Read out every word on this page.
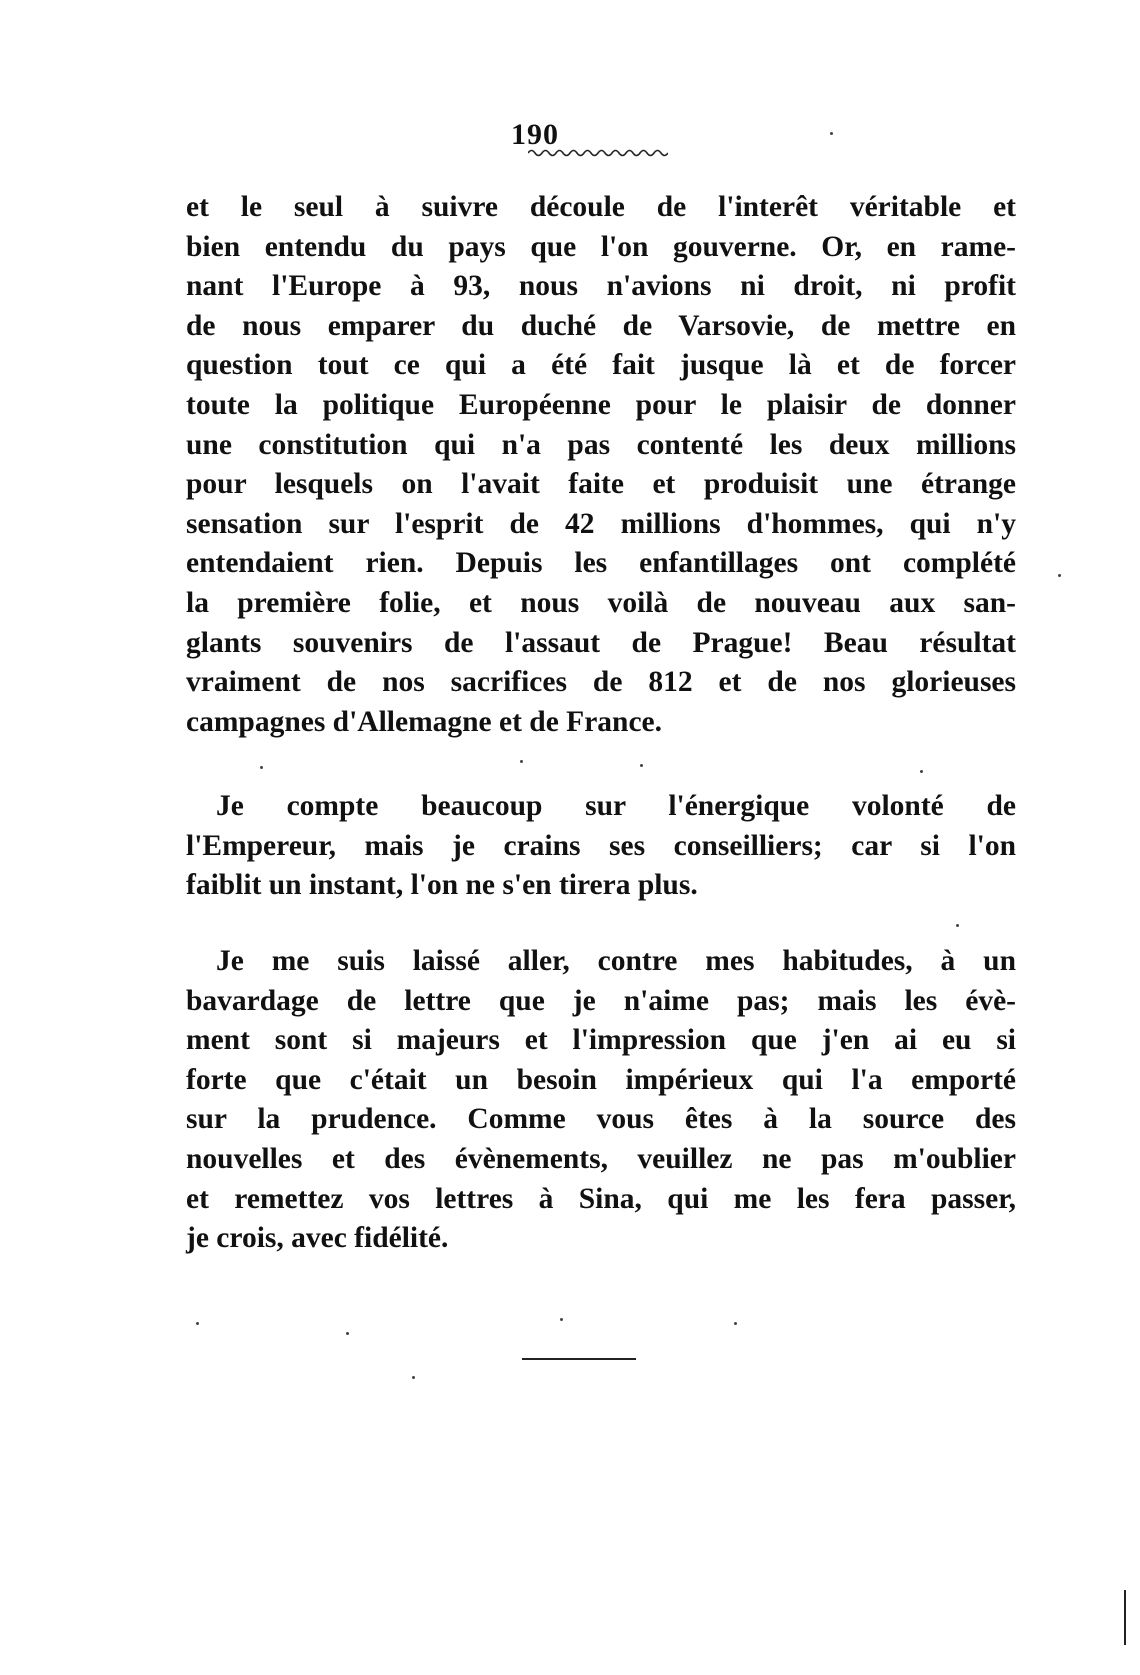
190
et le seul à suivre découle de l'interêt véritable et
bien entendu du pays que l'on gouverne. Or, en rame-
nant l'Europe à 93, nous n'avions ni droit, ni profit
de nous emparer du duché de Varsovie, de mettre en
question tout ce qui a été fait jusque là et de forcer
toute la politique Européenne pour le plaisir de donner
une constitution qui n'a pas contenté les deux millions
pour lesquels on l'avait faite et produisit une étrange
sensation sur l'esprit de 42 millions d'hommes, qui n'y
entendaient rien. Depuis les enfantillages ont complété
la première folie, et nous voilà de nouveau aux san-
glants souvenirs de l'assaut de Prague! Beau résultat
vraiment de nos sacrifices de 812 et de nos glorieuses
campagnes d'Allemagne et de France.
Je compte beaucoup sur l'énergique volonté de
l'Empereur, mais je crains ses conseilliers; car si l'on
faiblit un instant, l'on ne s'en tirera plus.
Je me suis laissé aller, contre mes habitudes, à un
bavardage de lettre que je n'aime pas; mais les évè-
ment sont si majeurs et l'impression que j'en ai eu si
forte que c'était un besoin impérieux qui l'a emporté
sur la prudence. Comme vous êtes à la source des
nouvelles et des évènements, veuillez ne pas m'oublier
et remettez vos lettres à Sina, qui me les fera passer,
je crois, avec fidélité.
